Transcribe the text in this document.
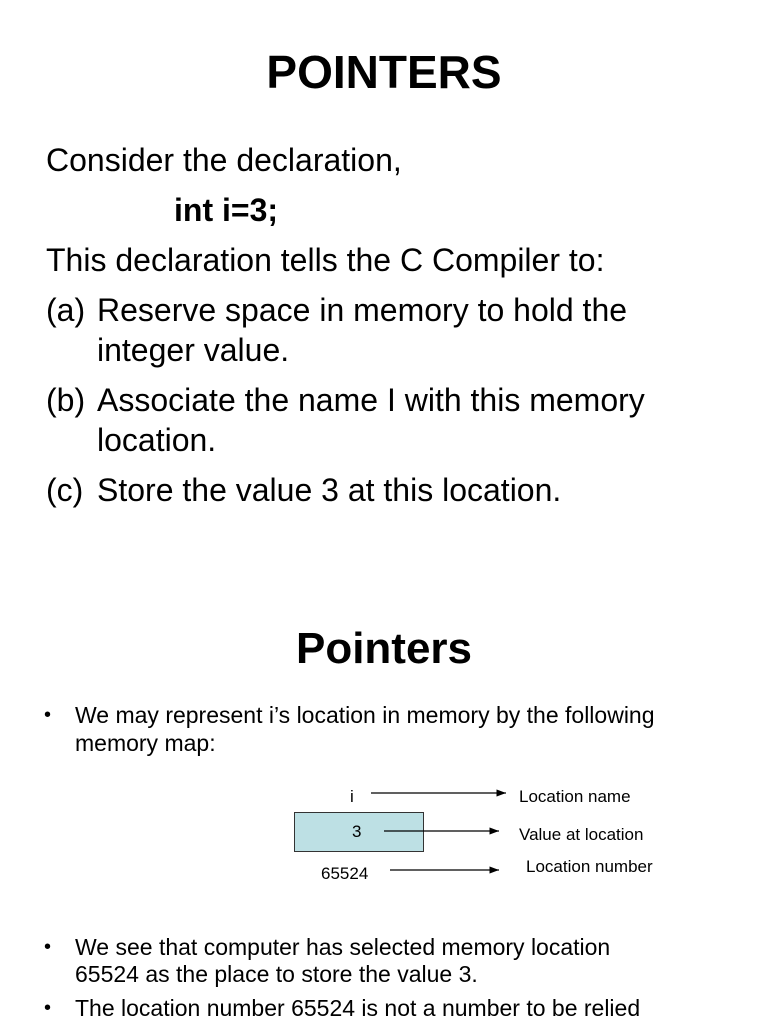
POINTERS
Consider the declaration,
int i=3;
This declaration tells the C Compiler to:
(a) Reserve space in memory to hold the
integer value.
(b) Associate the name I with this memory
location.
(c) Store the value 3 at this location.
Pointers
• We may represent i’s location in memory by the following
memory map:
i
3
65524
Location name
Value at location
Location number
• We see that computer has selected memory location
65524 as the place to store the value 3.
• The location number 65524 is not a number to be relied
